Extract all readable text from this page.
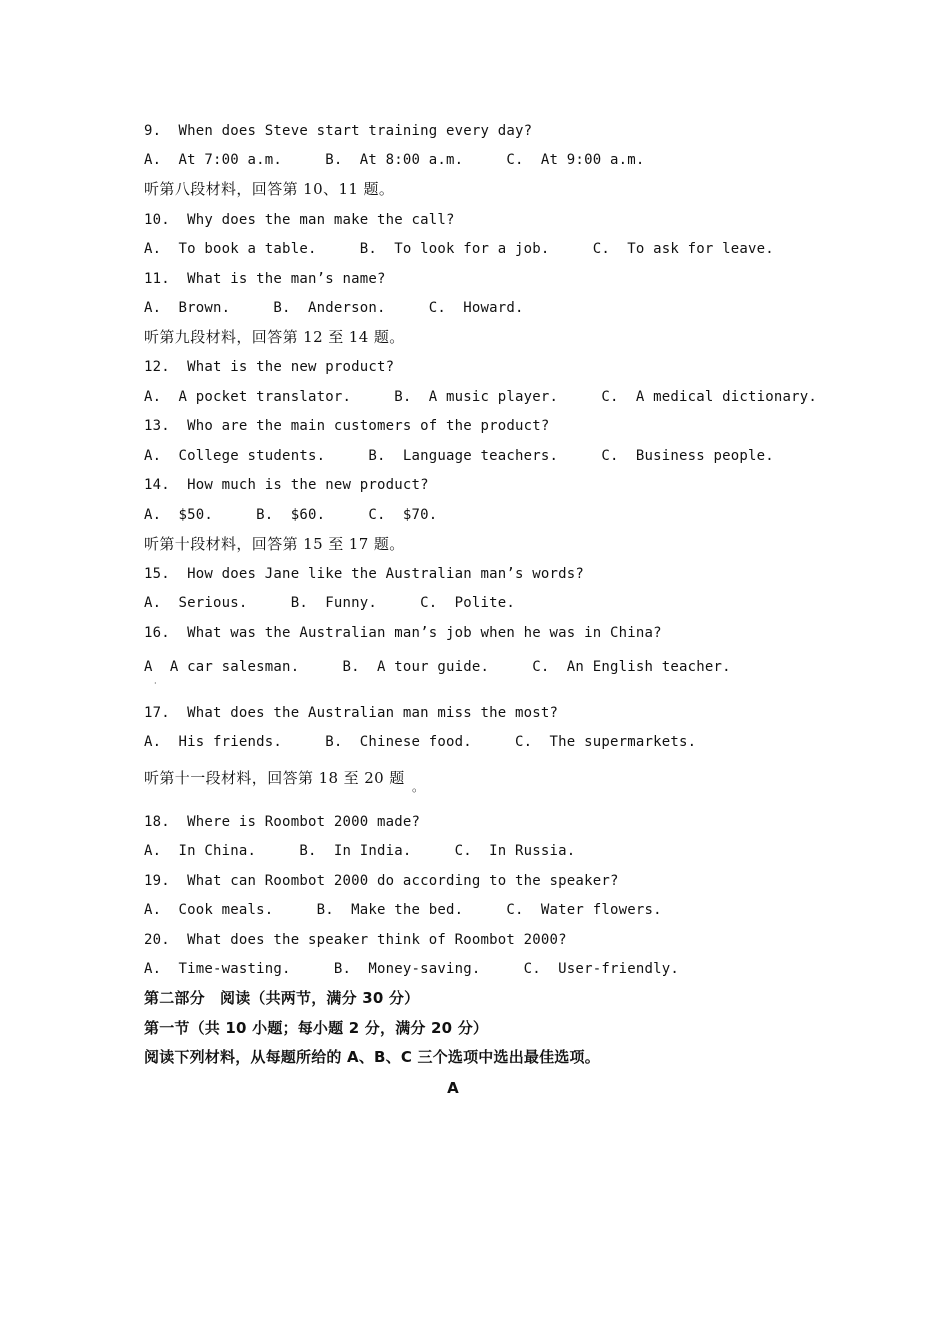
9.  When does Steve start training every day?
A.  At 7:00 a.m.     B.  At 8:00 a.m.     C.  At 9:00 a.m.
听第八段材料，回答第 10、11 题。
10.  Why does the man make the call?
A.  To book a table.     B.  To look for a job.     C.  To ask for leave.
11.  What is the man’s name?
A.  Brown.     B.  Anderson.     C.  Howard.
听第九段材料，回答第 12 至 14 题。
12.  What is the new product?
A.  A pocket translator.     B.  A music player.     C.  A medical dictionary.
13.  Who are the main customers of the product?
A.  College students.     B.  Language teachers.     C.  Business people.
14.  How much is the new product?
A.  $50.     B.  $60.     C.  $70.
听第十段材料，回答第 15 至 17 题。
15.  How does Jane like the Australian man’s words?
A.  Serious.     B.  Funny.     C.  Polite.
16.  What was the Australian man’s job when he was in China?
A  A car salesman.     B.  A tour guide.     C.  An English teacher.
·
17.  What does the Australian man miss the most?
A.  His friends.     B.  Chinese food.     C.  The supermarkets.
听第十一段材料，回答第 18 至 20 题 。
18.  Where is Roombot 2000 made?
A.  In China.     B.  In India.     C.  In Russia.
19.  What can Roombot 2000 do according to the speaker?
A.  Cook meals.     B.  Make the bed.     C.  Water flowers.
20.  What does the speaker think of Roombot 2000?
A.  Time-wasting.     B.  Money-saving.     C.  User-friendly.
第二部分　阅读（共两节，满分 30 分）
第一节（共 10 小题；每小题 2 分，满分 20 分）
阅读下列材料，从每题所给的 A、B、C 三个选项中选出最佳选项。
A
